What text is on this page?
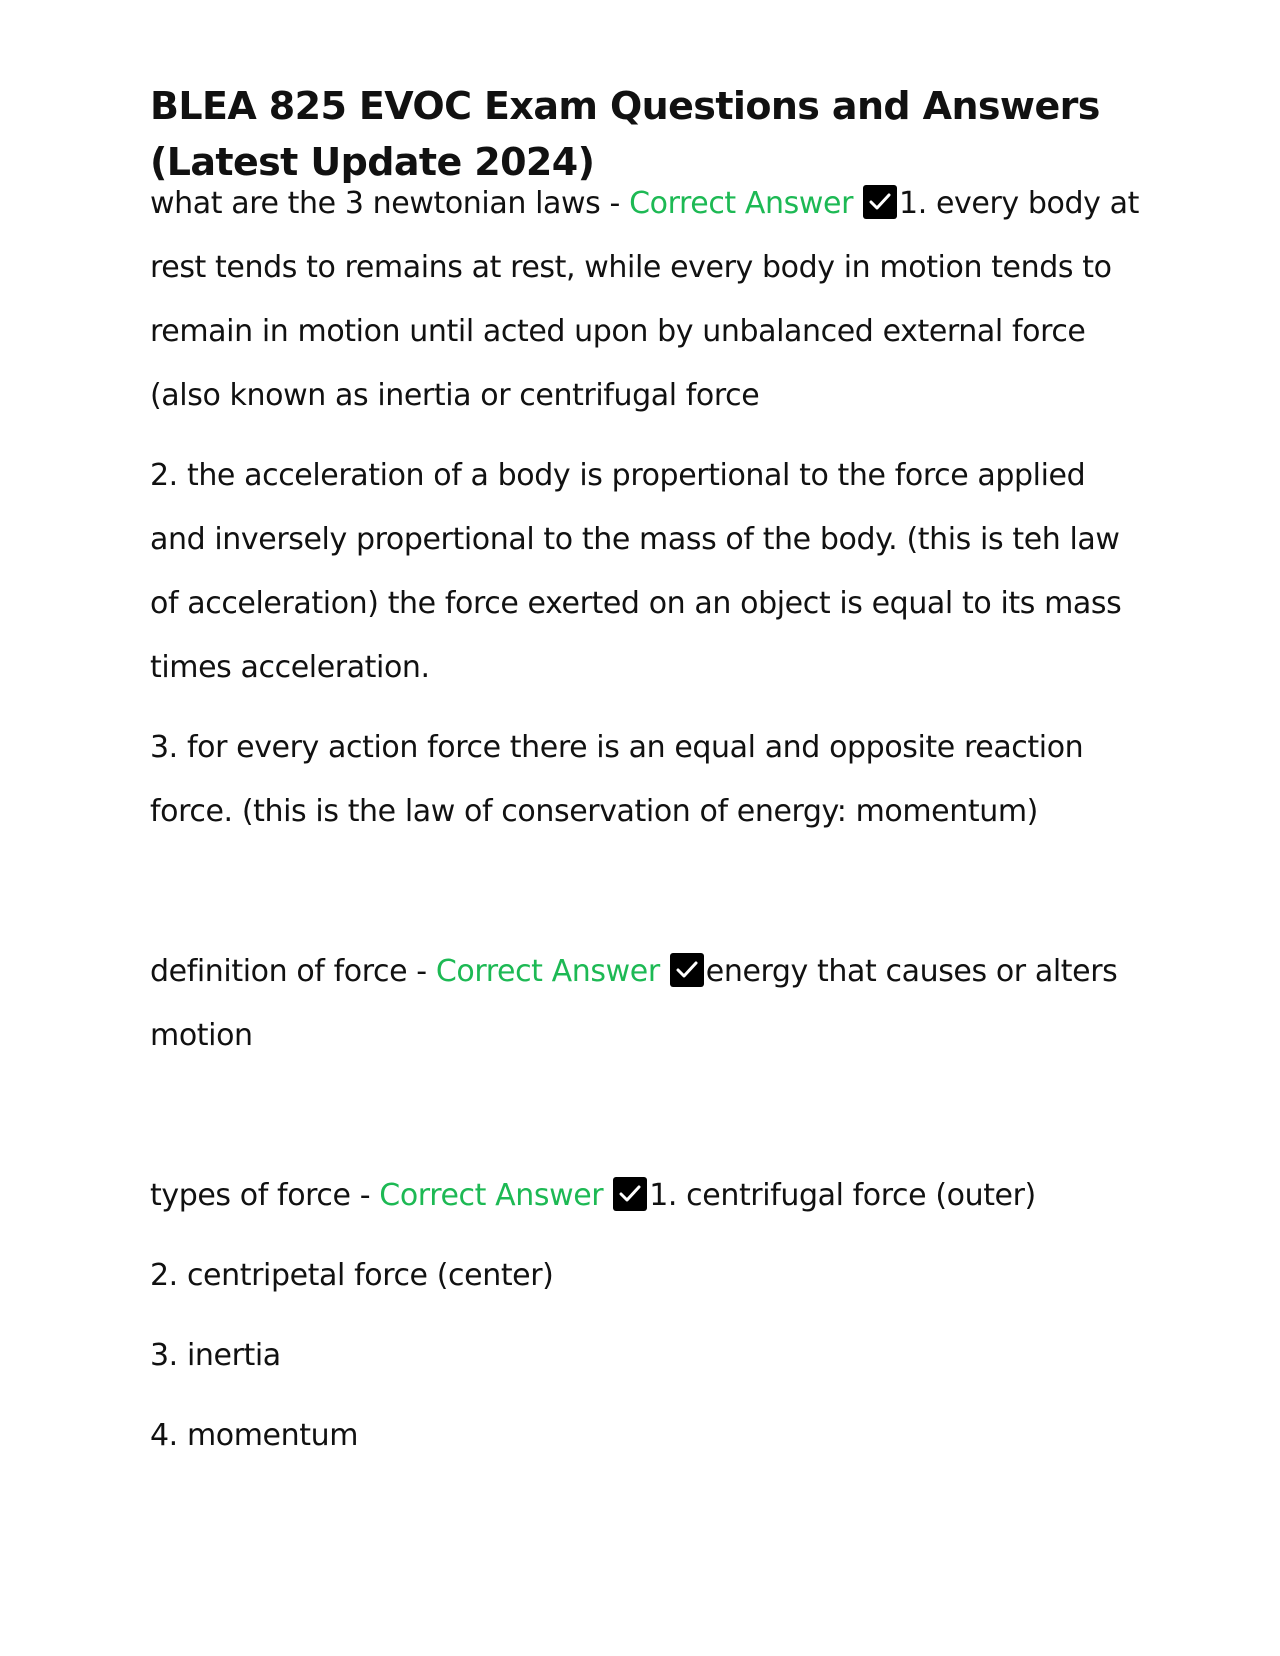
BLEA 825 EVOC Exam Questions and Answers (Latest Update 2024)

what are the 3 newtonian laws - Correct Answer 1. every body at rest tends to remains at rest, while every body in motion tends to remain in motion until acted upon by unbalanced external force (also known as inertia or centrifugal force

2. the acceleration of a body is propertional to the force applied and inversely propertional to the mass of the body. (this is teh law of acceleration) the force exerted on an object is equal to its mass times acceleration.

3. for every action force there is an equal and opposite reaction force. (this is the law of conservation of energy: momentum)

definition of force - Correct Answer energy that causes or alters motion

types of force - Correct Answer 1. centrifugal force (outer)

2. centripetal force (center)

3. inertia

4. momentum
